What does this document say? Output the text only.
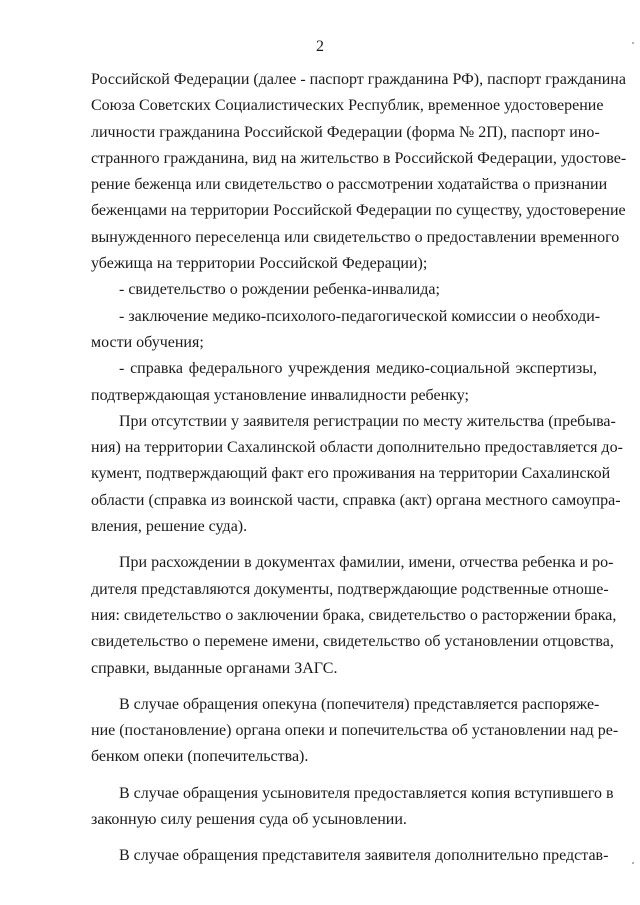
2
Российской Федерации (далее - паспорт гражданина РФ), паспорт гражданина
Союза Советских Социалистических Республик, временное удостоверение
личности гражданина Российской Федерации (форма № 2П), паспорт ино-
странного гражданина, вид на жительство в Российской Федерации, удостове-
рение беженца или свидетельство о рассмотрении ходатайства о признании
беженцами на территории Российской Федерации по существу, удостоверение
вынужденного переселенца или свидетельство о предоставлении временного
убежища на территории Российской Федерации);
- свидетельство о рождении ребенка-инвалида;
- заключение медико-психолого-педагогической комиссии о необходи-
мости обучения;
- справка федерального учреждения медико-социальной экспертизы,
подтверждающая установление инвалидности ребенку;
При отсутствии у заявителя регистрации по месту жительства (пребыва-
ния) на территории Сахалинской области дополнительно предоставляется до-
кумент, подтверждающий факт его проживания на территории Сахалинской
области (справка из воинской части, справка (акт) органа местного самоупра-
вления, решение суда).
При расхождении в документах фамилии, имени, отчества ребенка и ро-
дителя представляются документы, подтверждающие родственные отноше-
ния: свидетельство о заключении брака, свидетельство о расторжении брака,
свидетельство о перемене имени, свидетельство об установлении отцовства,
справки, выданные органами ЗАГС.
В случае обращения опекуна (попечителя) представляется распоряже-
ние (постановление) органа опеки и попечительства об установлении над ре-
бенком опеки (попечительства).
В случае обращения усыновителя предоставляется копия вступившего в
законную силу решения суда об усыновлении.
В случае обращения представителя заявителя дополнительно представ-
